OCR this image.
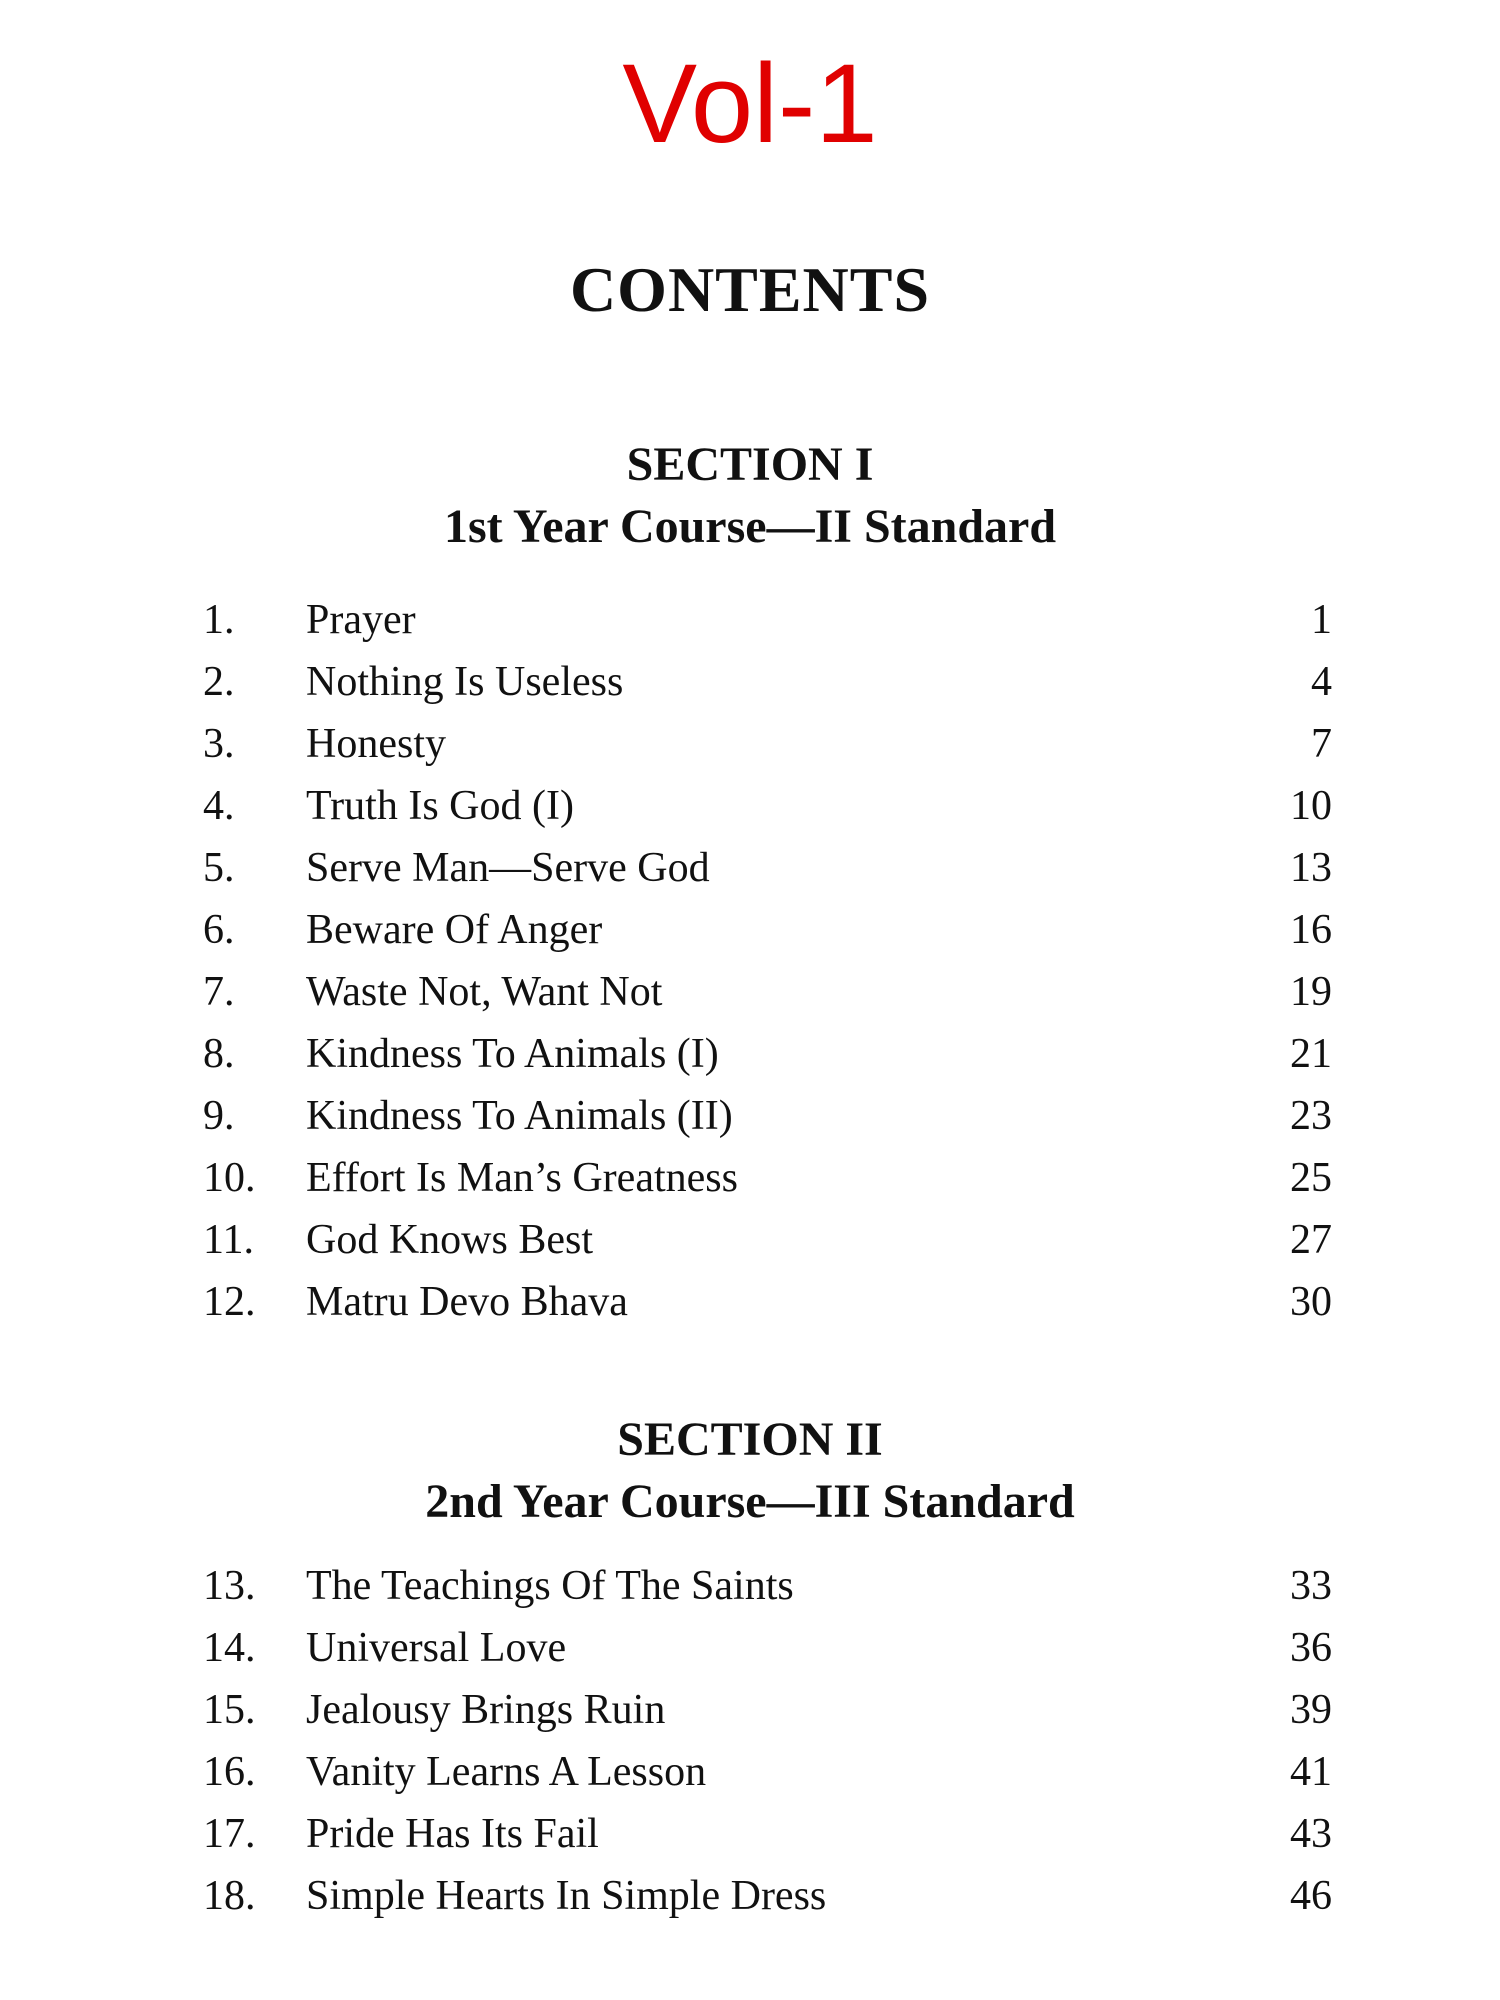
Vol-1
CONTENTS
SECTION I
1st Year Course—II Standard
1. Prayer	1
2. Nothing Is Useless	4
3. Honesty	7
4. Truth Is God (I)	10
5. Serve Man—Serve God	13
6. Beware Of Anger	16
7. Waste Not, Want Not	19
8. Kindness To Animals (I)	21
9. Kindness To Animals (II)	23
10. Effort Is Man’s Greatness	25
11. God Knows Best	27
12. Matru Devo Bhava	30
SECTION II
2nd Year Course—III Standard
13. The Teachings Of The Saints	33
14. Universal Love	36
15. Jealousy Brings Ruin	39
16. Vanity Learns A Lesson	41
17. Pride Has Its Fail	43
18. Simple Hearts In Simple Dress	46
